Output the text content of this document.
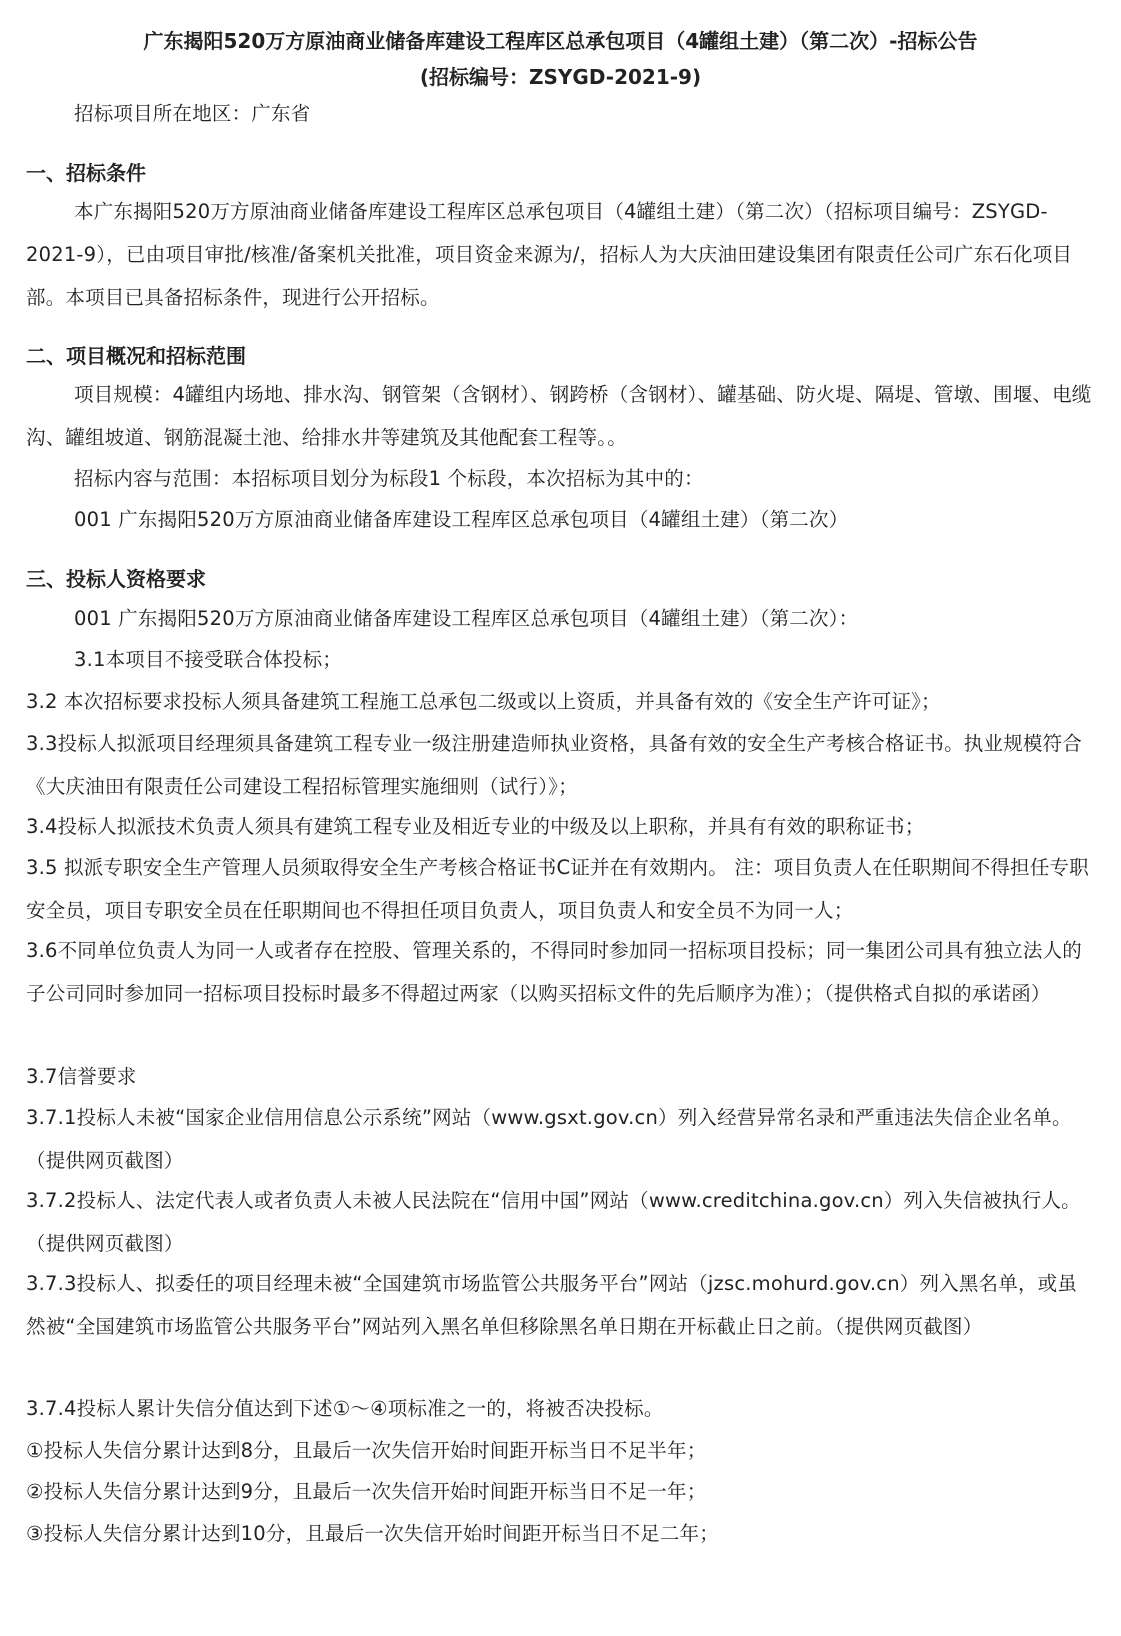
广东揭阳520万方原油商业储备库建设工程库区总承包项目（4罐组土建）（第二次）-招标公告
(招标编号：ZSYGD-2021-9)
招标项目所在地区：广东省
一、招标条件
本广东揭阳520万方原油商业储备库建设工程库区总承包项目（4罐组土建）（第二次）（招标项目编号：ZSYGD-2021-9），已由项目审批/核准/备案机关批准，项目资金来源为/，招标人为大庆油田建设集团有限责任公司广东石化项目部。本项目已具备招标条件，现进行公开招标。
二、项目概况和招标范围
项目规模：4罐组内场地、排水沟、钢管架（含钢材）、钢跨桥（含钢材）、罐基础、防火堤、隔堤、管墩、围堰、电缆沟、罐组坡道、钢筋混凝土池、给排水井等建筑及其他配套工程等。。
招标内容与范围：本招标项目划分为标段1 个标段，本次招标为其中的：
001 广东揭阳520万方原油商业储备库建设工程库区总承包项目（4罐组土建）（第二次）
三、投标人资格要求
001 广东揭阳520万方原油商业储备库建设工程库区总承包项目（4罐组土建）（第二次）：
3.1本项目不接受联合体投标；
3.2 本次招标要求投标人须具备建筑工程施工总承包二级或以上资质，并具备有效的《安全生产许可证》；
3.3投标人拟派项目经理须具备建筑工程专业一级注册建造师执业资格，具备有效的安全生产考核合格证书。执业规模符合《大庆油田有限责任公司建设工程招标管理实施细则（试行）》；
3.4投标人拟派技术负责人须具有建筑工程专业及相近专业的中级及以上职称，并具有有效的职称证书；
3.5 拟派专职安全生产管理人员须取得安全生产考核合格证书C证并在有效期内。 注：项目负责人在任职期间不得担任专职安全员，项目专职安全员在任职期间也不得担任项目负责人，项目负责人和安全员不为同一人；
3.6不同单位负责人为同一人或者存在控股、管理关系的，不得同时参加同一招标项目投标；同一集团公司具有独立法人的子公司同时参加同一招标项目投标时最多不得超过两家（以购买招标文件的先后顺序为准）；（提供格式自拟的承诺函）
3.7信誉要求
3.7.1投标人未被“国家企业信用信息公示系统”网站（www.gsxt.gov.cn）列入经营异常名录和严重违法失信企业名单。（提供网页截图）
3.7.2投标人、法定代表人或者负责人未被人民法院在“信用中国”网站（www.creditchina.gov.cn）列入失信被执行人。（提供网页截图）
3.7.3投标人、拟委任的项目经理未被“全国建筑市场监管公共服务平台”网站（jzsc.mohurd.gov.cn）列入黑名单，或虽然被“全国建筑市场监管公共服务平台”网站列入黑名单但移除黑名单日期在开标截止日之前。（提供网页截图）
3.7.4投标人累计失信分值达到下述①～④项标准之一的，将被否决投标。
①投标人失信分累计达到8分，且最后一次失信开始时间距开标当日不足半年；
②投标人失信分累计达到9分，且最后一次失信开始时间距开标当日不足一年；
③投标人失信分累计达到10分，且最后一次失信开始时间距开标当日不足二年；
